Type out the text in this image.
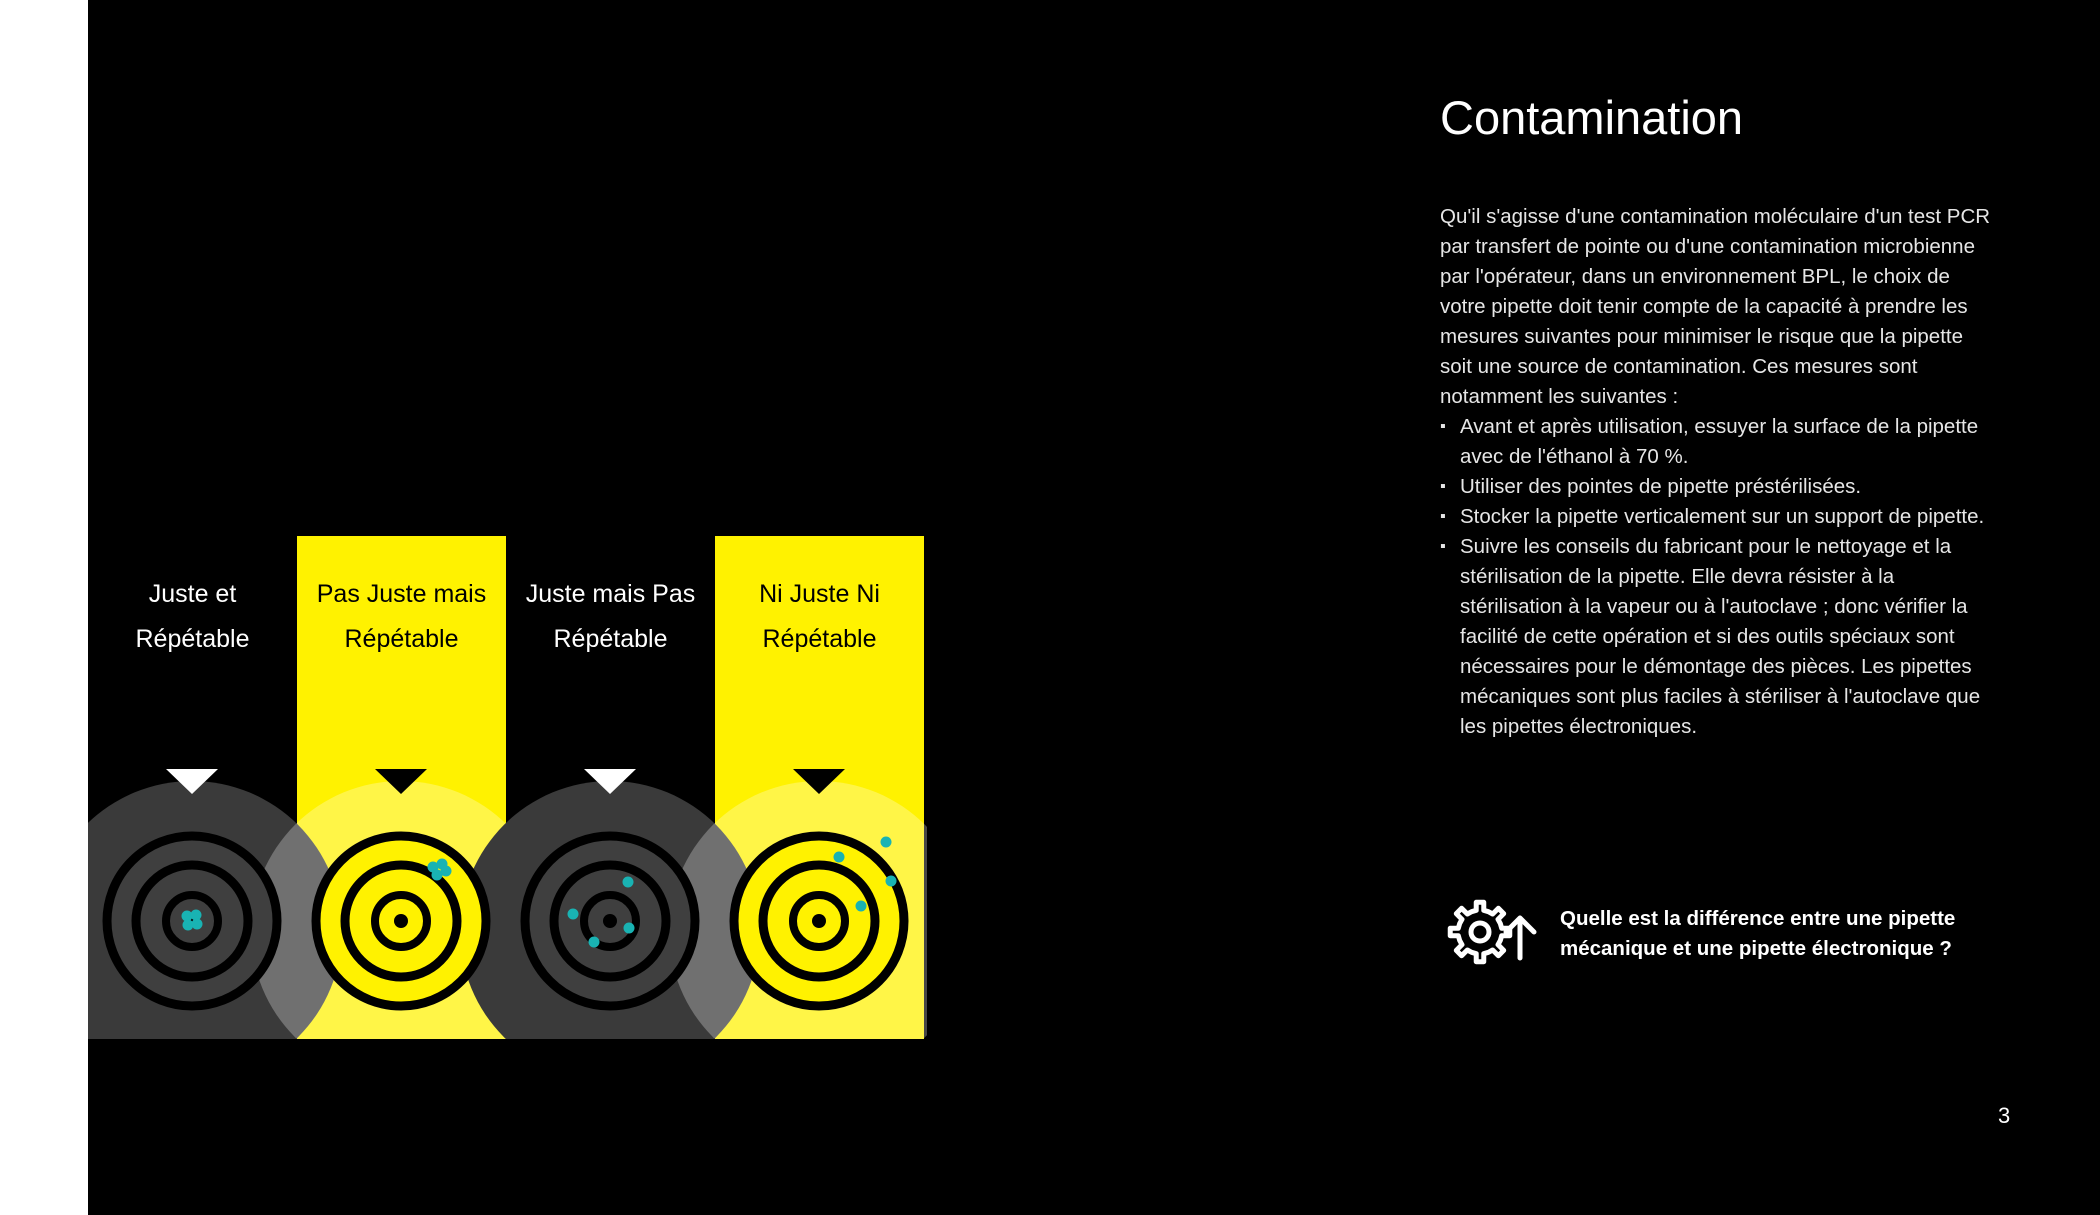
Juste et
Répétable
Pas Juste mais
Répétable
Juste mais Pas
Répétable
Ni Juste Ni
Répétable
Contamination

Qu'il s'agisse d'une contamination moléculaire d'un test PCR par transfert de pointe ou d'une contamination microbienne par l'opérateur, dans un environnement BPL, le choix de votre pipette doit tenir compte de la capacité à prendre les mesures suivantes pour minimiser le risque que la pipette soit une source de contamination. Ces mesures sont notamment les suivantes :

▪ Avant et après utilisation, essuyer la surface de la pipette avec de l'éthanol à 70 %.
▪ Utiliser des pointes de pipette préstérilisées.
▪ Stocker la pipette verticalement sur un support de pipette.
▪ Suivre les conseils du fabricant pour le nettoyage et la stérilisation de la pipette. Elle devra résister à la stérilisation à la vapeur ou à l'autoclave ; donc vérifier la facilité de cette opération et si des outils spéciaux sont nécessaires pour le démontage des pièces. Les pipettes mécaniques sont plus faciles à stériliser à l'autoclave que les pipettes électroniques.
Quelle est la différence entre une pipette mécanique et une pipette électronique ?
3
